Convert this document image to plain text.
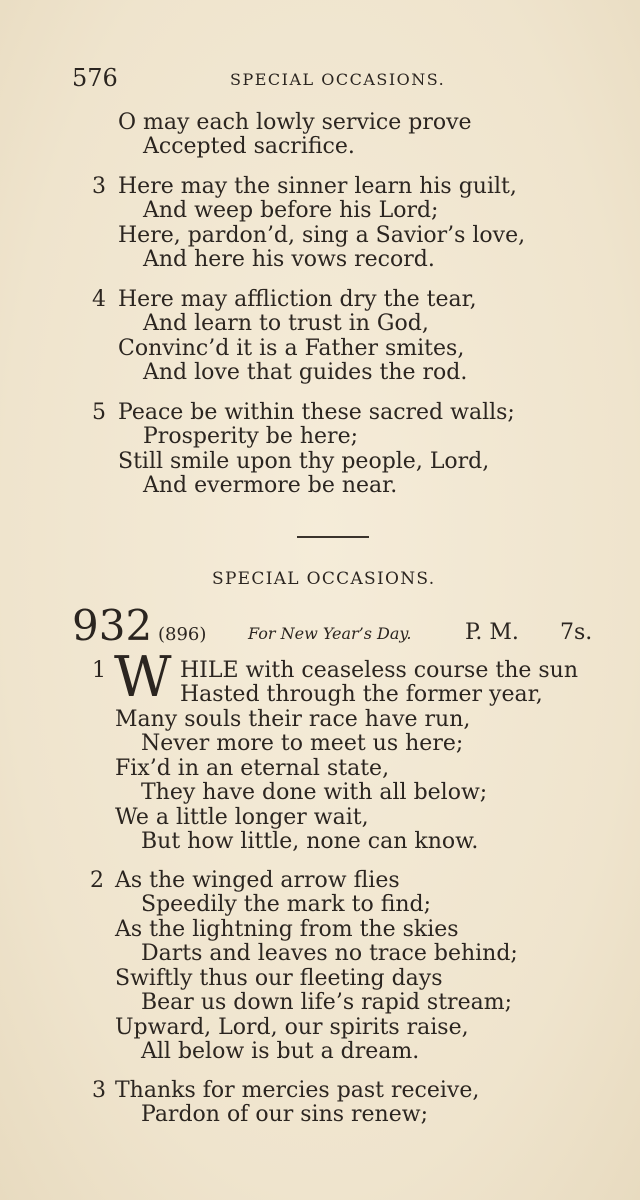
576	SPECIAL OCCASIONS.
O may each lowly service prove
Accepted sacrifice.
3 Here may the sinner learn his guilt,
And weep before his Lord;
Here, pardon’d, sing a Savior’s love,
And here his vows record.
4 Here may affliction dry the tear,
And learn to trust in God,
Convinc’d it is a Father smites,
And love that guides the rod.
5 Peace be within these sacred walls;
Prosperity be here;
Still smile upon thy people, Lord,
And evermore be near.
SPECIAL OCCASIONS.
932 (896)	For New Year’s Day. P. M. 7s.
1 W HILE with ceaseless course the sun
Hasted through the former year,
Many souls their race have run,
Never more to meet us here;
Fix’d in an eternal state,
They have done with all below;
We a little longer wait,
But how little, none can know.
2 As the winged arrow flies
Speedily the mark to find;
As the lightning from the skies
Darts and leaves no trace behind;
Swiftly thus our fleeting days
Bear us down life’s rapid stream;
Upward, Lord, our spirits raise,
All below is but a dream.
3 Thanks for mercies past receive,
Pardon of our sins renew;
